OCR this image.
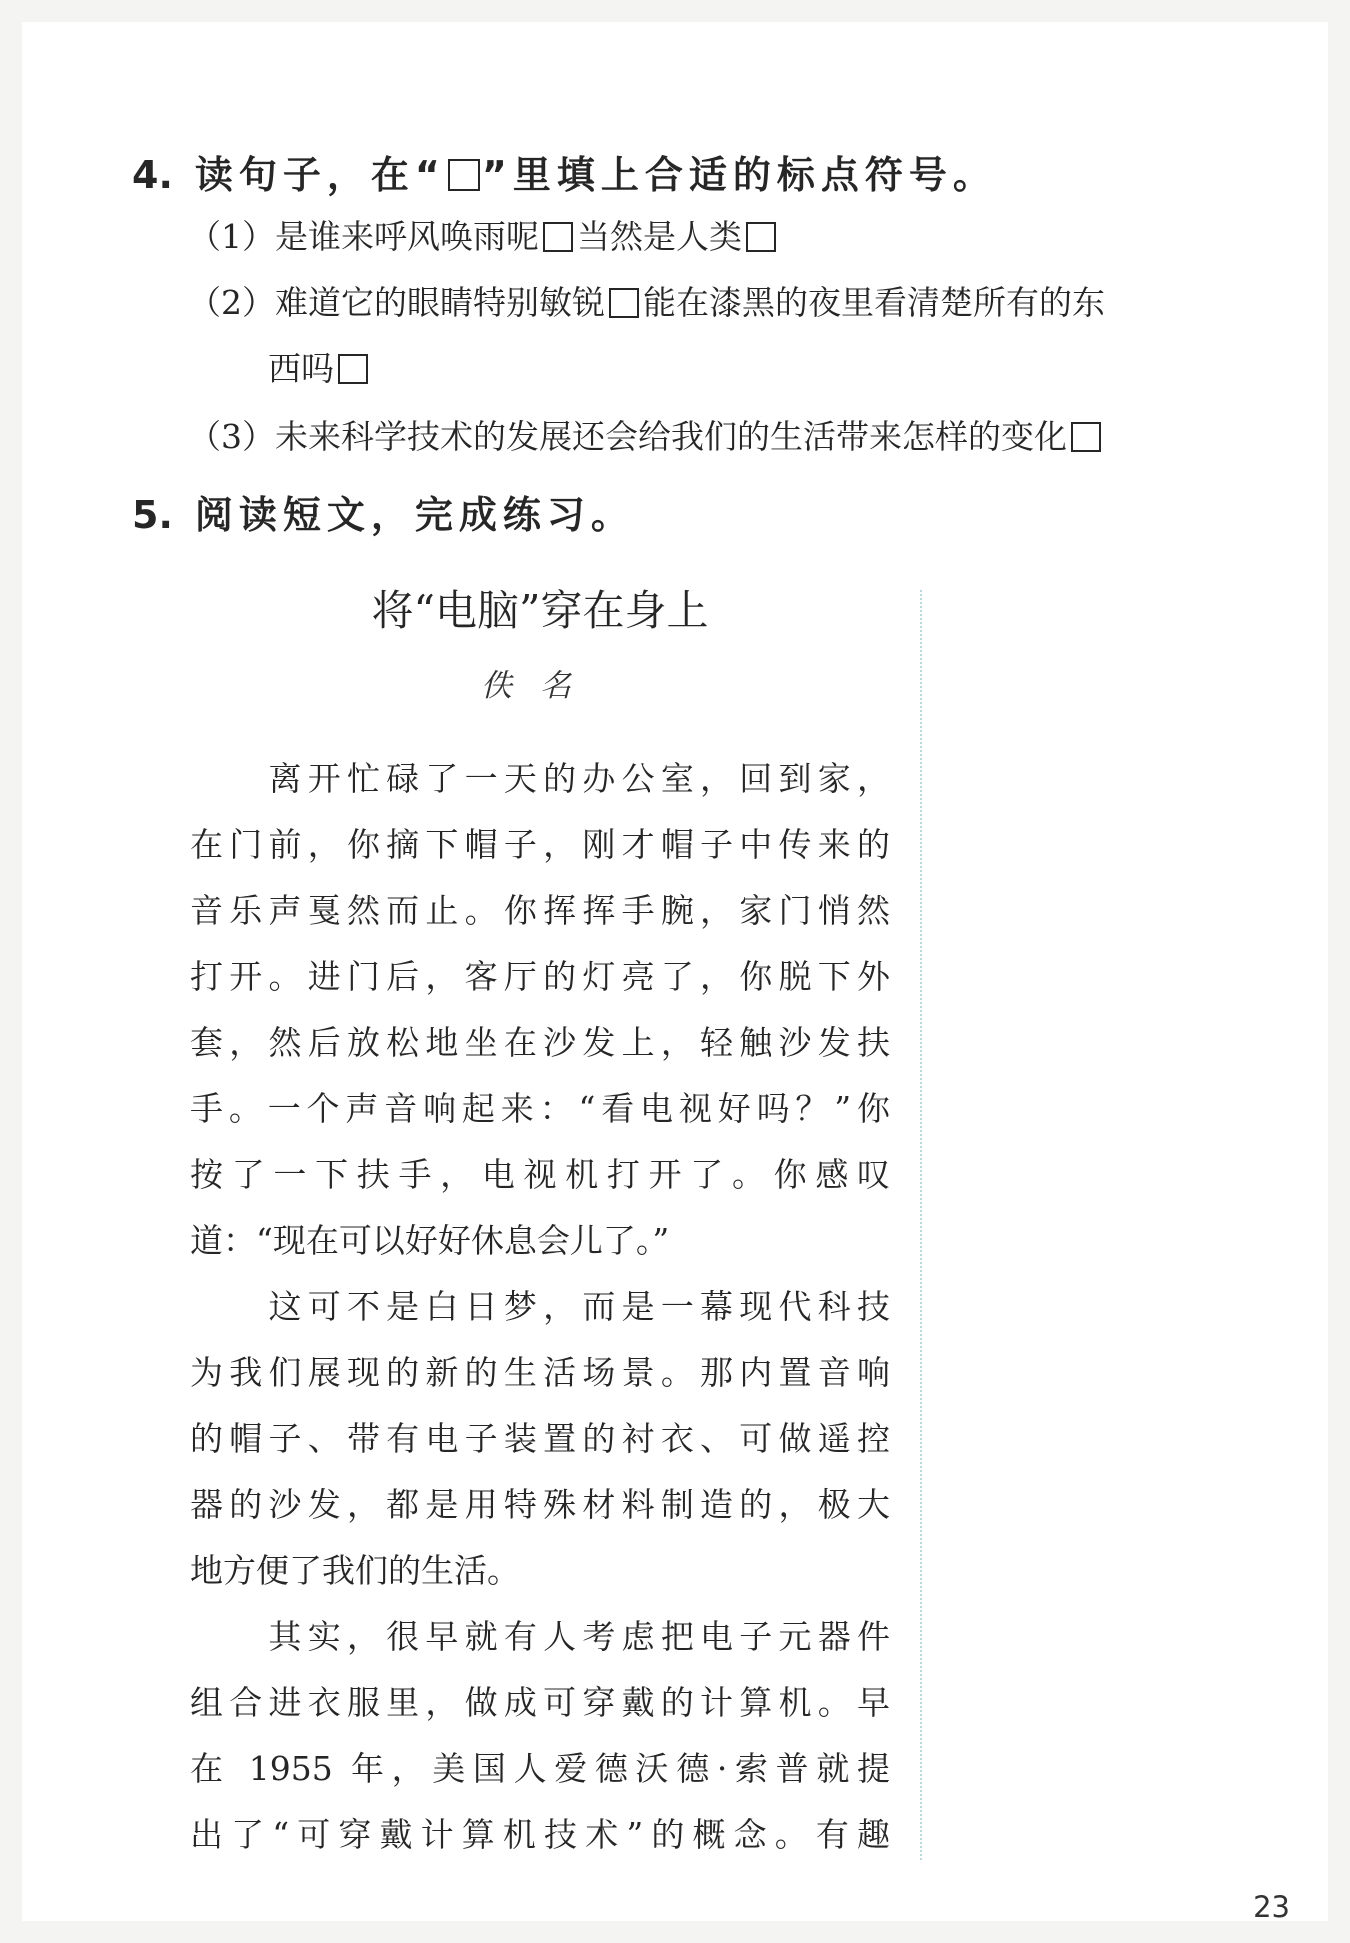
4. 读句子，在“ ”里填上合适的标点符号。
（1）是谁来呼风唤雨呢 当然是人类
（2）难道它的眼睛特别敏锐 能在漆黑的夜里看清楚所有的东
西吗
（3）未来科学技术的发展还会给我们的生活带来怎样的变化
5. 阅读短文，完成练习。
将“电脑”穿在身上
佚名
　　离开忙碌了一天的办公室，回到家，
在门前，你摘下帽子，刚才帽子中传来的
音乐声戛然而止。你挥挥手腕，家门悄然
打开。进门后，客厅的灯亮了，你脱下外
套，然后放松地坐在沙发上，轻触沙发扶
手。一个声音响起来：“看电视好吗？”你
按了一下扶手，电视机打开了。你感叹
道：“现在可以好好休息会儿了。”
　　这可不是白日梦，而是一幕现代科技
为我们展现的新的生活场景。那内置音响
的帽子、带有电子装置的衬衣、可做遥控
器的沙发，都是用特殊材料制造的，极大
地方便了我们的生活。
　　其实，很早就有人考虑把电子元器件
组合进衣服里，做成可穿戴的计算机。早
在 1955 年，美国人爱德沃德·索普就提
出了“可穿戴计算机技术”的概念。有趣
23
